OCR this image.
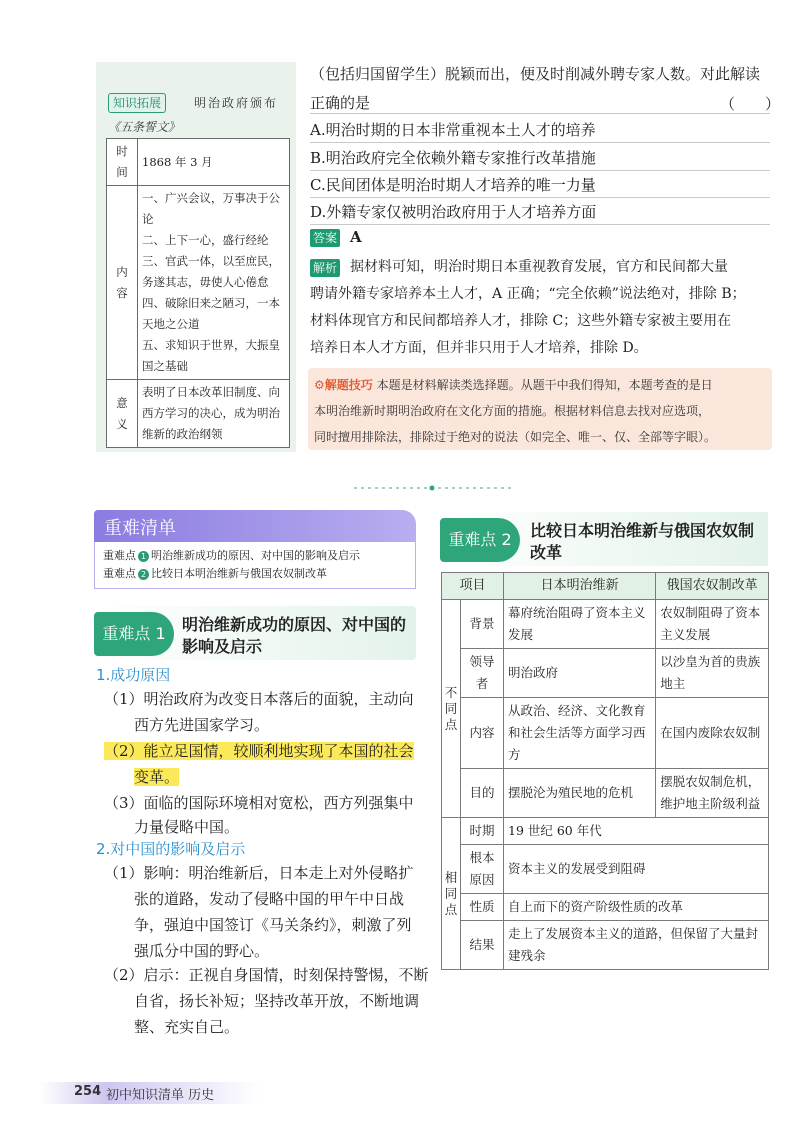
知识拓展	明治政府颁布
《五条誓文》
时间	1868 年 3 月

内容	一、广兴会议，万事决于公论
二、上下一心，盛行经纶
三、官武一体，以至庶民，务遂其志，毋使人心倦怠
四、破除旧来之陋习，一本天地之公道
五、求知识于世界，大振皇国之基础

意义	表明了日本改革旧制度、向西方学习的决心，成为明治维新的政治纲领
（包括归国留学生）脱颖而出，便及时削减外聘专家人数。对此解读
正确的是	（　　）
A.明治时期的日本非常重视本土人才的培养
B.明治政府完全依赖外籍专家推行改革措施
C.民间团体是明治时期人才培养的唯一力量
D.外籍专家仅被明治政府用于人才培养方面
答案 A
解析 据材料可知，明治时期日本重视教育发展，官方和民间都大量
聘请外籍专家培养本土人才，A 正确；“完全依赖”说法绝对，排除 B；
材料体现官方和民间都培养人才，排除 C；这些外籍专家被主要用在
培养日本人才方面，但并非只用于人才培养，排除 D。
⚙解题技巧 本题是材料解读类选择题。从题干中我们得知，本题考查的是日
本明治维新时期明治政府在文化方面的措施。根据材料信息去找对应选项，
同时擅用排除法，排除过于绝对的说法（如完全、唯一、仅、全部等字眼）。
重难清单
重难点 1 明治维新成功的原因、对中国的影响及启示
重难点 2 比较日本明治维新与俄国农奴制改革
重难点 1	明治维新成功的原因、对中国的
影响及启示
1.成功原因
（1）明治政府为改变日本落后的面貌，主动向
西方先进国家学习。
（2）能立足国情，较顺利地实现了本国的社会
变革。
（3）面临的国际环境相对宽松，西方列强集中
力量侵略中国。
2.对中国的影响及启示
（1）影响：明治维新后，日本走上对外侵略扩
张的道路，发动了侵略中国的甲午中日战
争，强迫中国签订《马关条约》，刺激了列
强瓜分中国的野心。
（2）启示：正视自身国情，时刻保持警惕，不断
自省，扬长补短；坚持改革开放，不断地调
整、充实自己。
重难点 2	比较日本明治维新与俄国农奴制
改革
项目		日本明治维新	俄国农奴制改革
不同点	背景	幕府统治阻碍了资本主义发展	农奴制阻碍了资本主义发展
	领导者	明治政府	以沙皇为首的贵族地主
	内容	从政治、经济、文化教育和社会生活等方面学习西方	在国内废除农奴制
	目的	摆脱沦为殖民地的危机	摆脱农奴制危机，维护地主阶级利益
相同点	时期	19 世纪 60 年代	
	根本原因	资本主义的发展受到阻碍	
	性质	自上而下的资产阶级性质的改革	
	结果	走上了发展资本主义的道路，但保留了大量封建残余	
254 初中知识清单 历史
